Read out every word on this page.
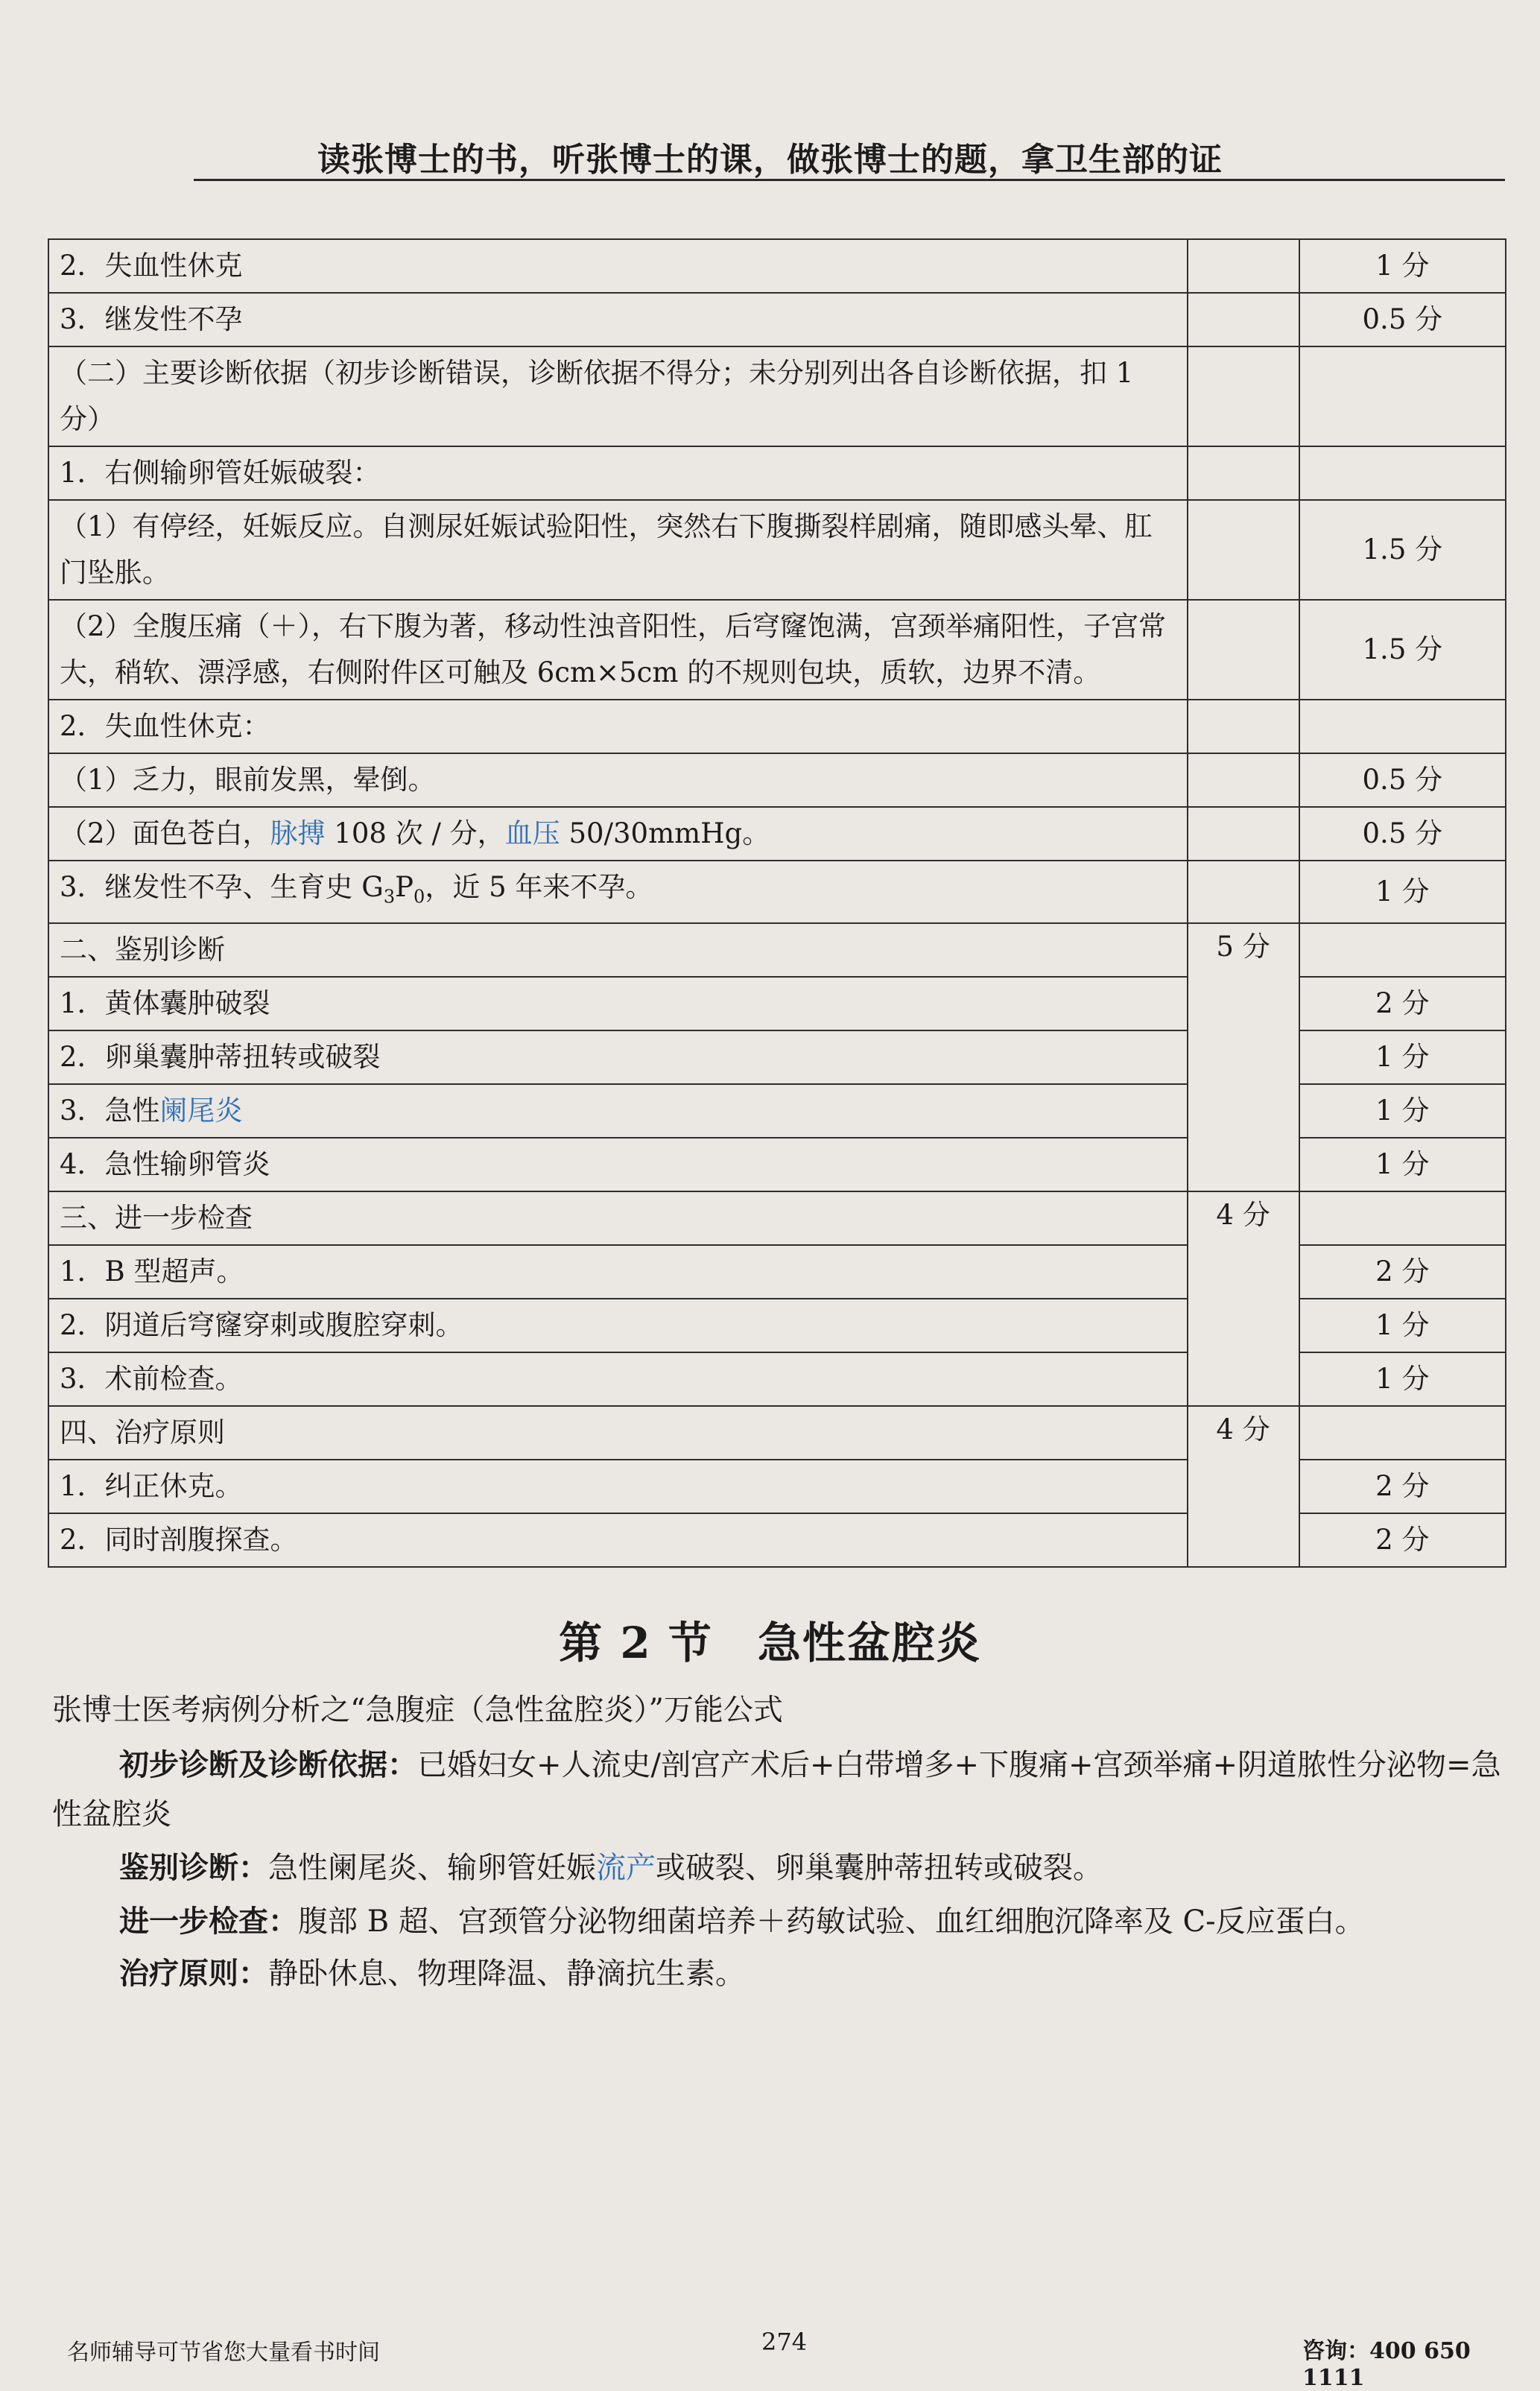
读张博士的书，听张博士的课，做张博士的题，拿卫生部的证
2．失血性休克		1 分
3．继发性不孕		0.5 分
（二）主要诊断依据（初步诊断错误，诊断依据不得分；未分别列出各自诊断依据，扣 1 分）		
1．右侧输卵管妊娠破裂：		
（1）有停经，妊娠反应。自测尿妊娠试验阳性，突然右下腹撕裂样剧痛，随即感头晕、肛门坠胀。		1.5 分
（2）全腹压痛（＋），右下腹为著，移动性浊音阳性，后穹窿饱满，宫颈举痛阳性，子宫常大，稍软、漂浮感，右侧附件区可触及 6cm×5cm 的不规则包块，质软，边界不清。		1.5 分
2．失血性休克：		
（1）乏力，眼前发黑，晕倒。		0.5 分
（2）面色苍白，脉搏 108 次 / 分，血压 50/30mmHg。		0.5 分
3．继发性不孕、生育史 $G_3P_0$，近 5 年来不孕。		1 分
二、鉴别诊断	5 分	
1．黄体囊肿破裂		2 分
2．卵巢囊肿蒂扭转或破裂		1 分
3．急性阑尾炎		1 分
4．急性输卵管炎		1 分
三、进一步检查	4 分	
1．B 型超声。		2 分
2．阴道后穹窿穿刺或腹腔穿刺。		1 分
3．术前检查。		1 分
四、治疗原则	4 分	
1．纠正休克。		2 分
2．同时剖腹探查。		2 分
第 2 节　急性盆腔炎
张博士医考病例分析之“急腹症（急性盆腔炎）”万能公式
初步诊断及诊断依据：已婚妇女+人流史/剖宫产术后+白带增多+下腹痛+宫颈举痛+阴道脓性分泌物=急性盆腔炎
鉴别诊断：急性阑尾炎、输卵管妊娠流产或破裂、卵巢囊肿蒂扭转或破裂。
进一步检查：腹部 B 超、宫颈管分泌物细菌培养＋药敏试验、血红细胞沉降率及 C-反应蛋白。
治疗原则：静卧休息、物理降温、静滴抗生素。
名师辅导可节省您大量看书时间	274	咨询：400 650 1111
